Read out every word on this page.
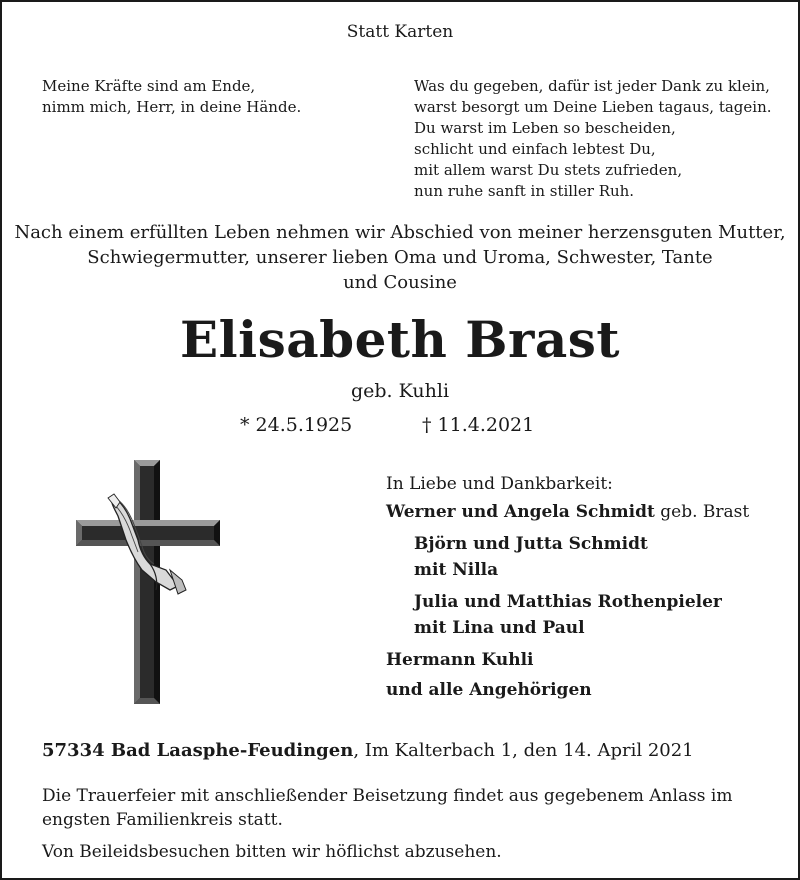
Statt Karten
Meine Kräfte sind am Ende,
nimm mich, Herr, in deine Hände.
Was du gegeben, dafür ist jeder Dank zu klein,
warst besorgt um Deine Lieben tagaus, tagein.
Du warst im Leben so bescheiden,
schlicht und einfach lebtest Du,
mit allem warst Du stets zufrieden,
nun ruhe sanft in stiller Ruh.
Nach einem erfüllten Leben nehmen wir Abschied von meiner herzensguten Mutter,
Schwiegermutter, unserer lieben Oma und Uroma, Schwester, Tante
und Cousine
Elisabeth Brast
geb. Kuhli
* 24.5.1925	† 11.4.2021
In Liebe und Dankbarkeit:
Werner und Angela Schmidt geb. Brast
Björn und Jutta Schmidt
mit Nilla
Julia und Matthias Rothenpieler
mit Lina und Paul
Hermann Kuhli
und alle Angehörigen
57334 Bad Laasphe-Feudingen, Im Kalterbach 1, den 14. April 2021

Die Trauerfeier mit anschließender Beisetzung findet aus gegebenem Anlass im
engsten Familienkreis statt.

Von Beileidsbesuchen bitten wir höflichst abzusehen.
